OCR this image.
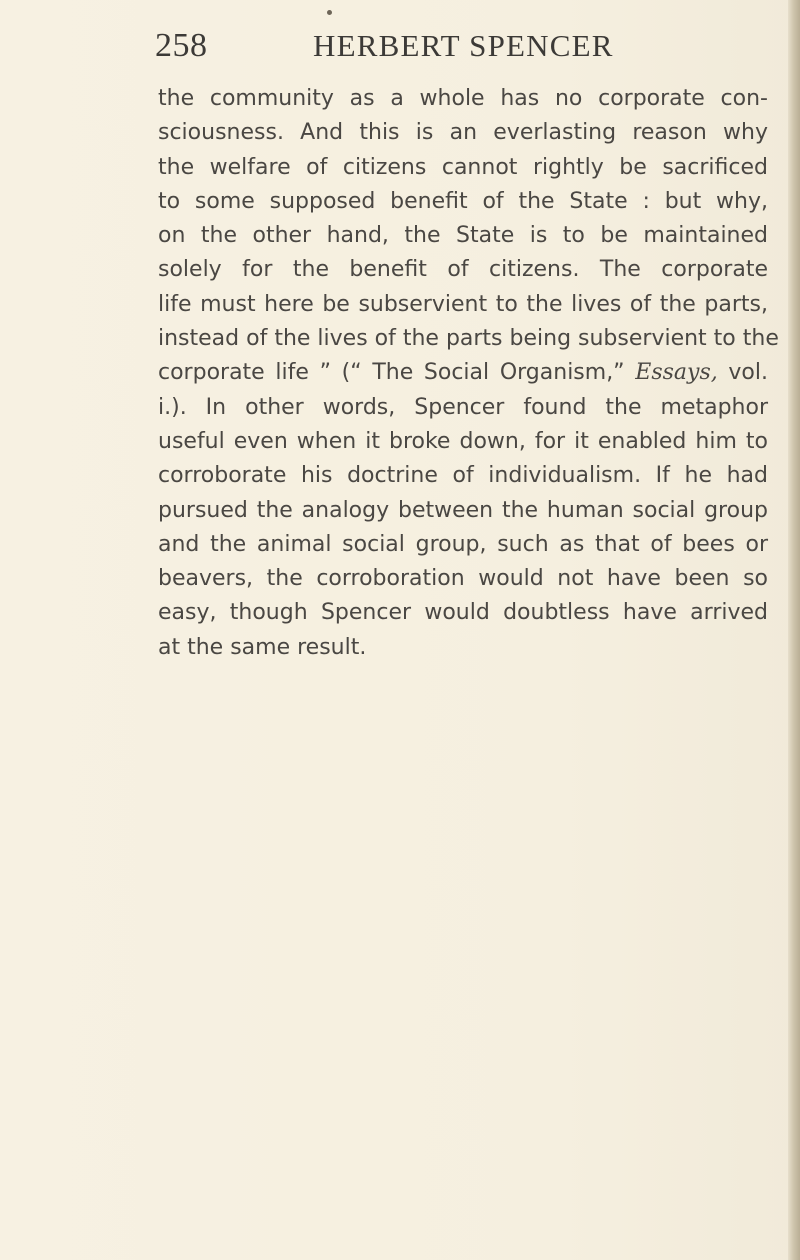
258	HERBERT SPENCER
the community as a whole has no corporate con-
sciousness. And this is an everlasting reason why
the welfare of citizens cannot rightly be sacrificed
to some supposed benefit of the State : but why,
on the other hand, the State is to be maintained
solely for the benefit of citizens. The corporate
life must here be subservient to the lives of the parts,
instead of the lives of the parts being subservient to the
corporate life ” (“ The Social Organism,” Essays, vol.
i.). In other words, Spencer found the metaphor
useful even when it broke down, for it enabled him to
corroborate his doctrine of individualism. If he had
pursued the analogy between the human social group
and the animal social group, such as that of bees or
beavers, the corroboration would not have been so
easy, though Spencer would doubtless have arrived
at the same result.
